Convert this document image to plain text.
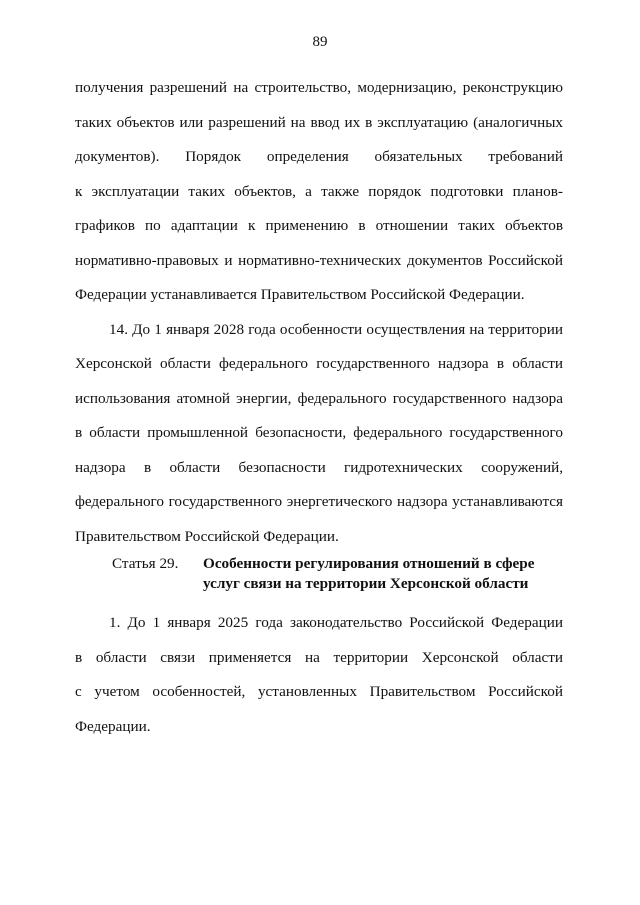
89
получения разрешений на строительство, модернизацию, реконструкцию
таких объектов или разрешений на ввод их в эксплуатацию (аналогичных
документов). Порядок определения обязательных требований
к эксплуатации таких объектов, а также порядок подготовки планов-
графиков по адаптации к применению в отношении таких объектов
нормативно-правовых и нормативно-технических документов Российской
Федерации устанавливается Правительством Российской Федерации.
14. До 1 января 2028 года особенности осуществления на территории
Херсонской области федерального государственного надзора в области
использования атомной энергии, федерального государственного надзора
в области промышленной безопасности, федерального государственного
надзора в области безопасности гидротехнических сооружений,
федерального государственного энергетического надзора устанавливаются
Правительством Российской Федерации.
Статья 29. Особенности регулирования отношений в сфере
услуг связи на территории Херсонской области
1. До 1 января 2025 года законодательство Российской Федерации
в области связи применяется на территории Херсонской области
с учетом особенностей, установленных Правительством Российской
Федерации.
